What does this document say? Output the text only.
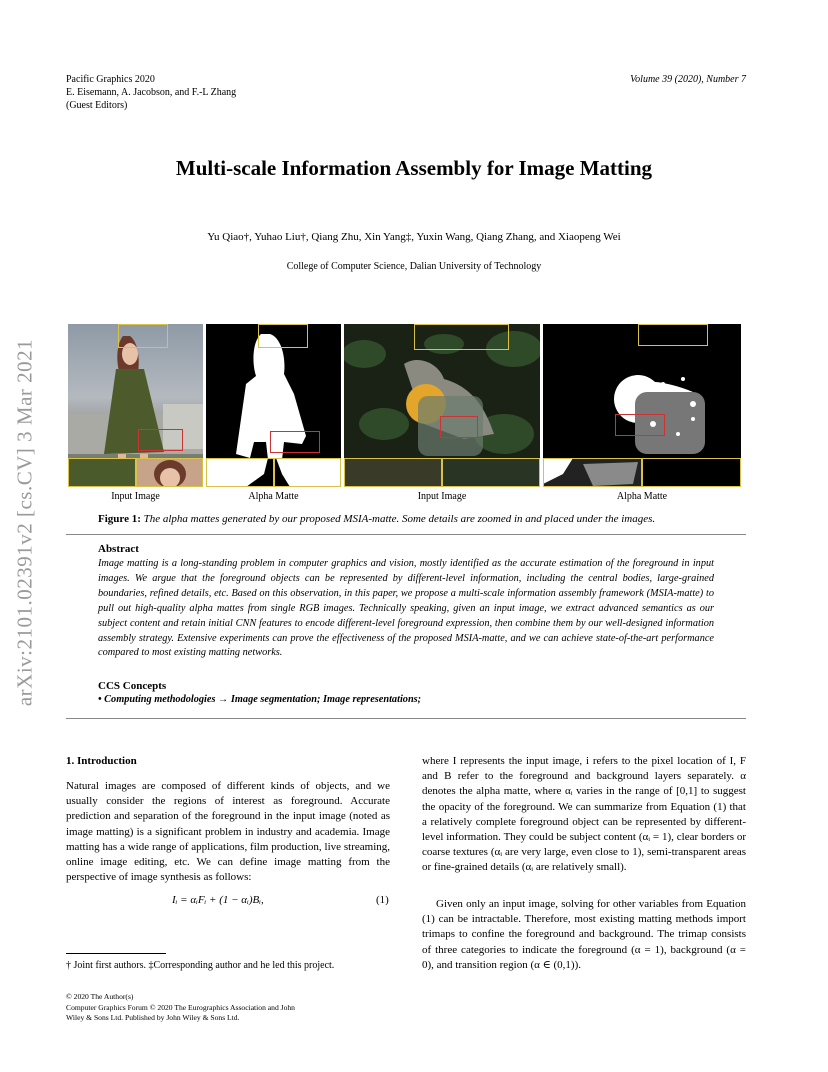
Pacific Graphics 2020
E. Eisemann, A. Jacobson, and F.-L Zhang
(Guest Editors)
Volume 39 (2020), Number 7
arXiv:2101.02391v2 [cs.CV] 3 Mar 2021
Multi-scale Information Assembly for Image Matting
Yu Qiao†, Yuhao Liu†, Qiang Zhu, Xin Yang‡, Yuxin Wang, Qiang Zhang, and Xiaopeng Wei
College of Computer Science, Dalian University of Technology
Input Image	Alpha Matte	Input Image	Alpha Matte
Figure 1: The alpha mattes generated by our proposed MSIA-matte. Some details are zoomed in and placed under the images.
Abstract
Image matting is a long-standing problem in computer graphics and vision, mostly identified as the accurate estimation of the foreground in input images. We argue that the foreground objects can be represented by different-level information, including the central bodies, large-grained boundaries, refined details, etc. Based on this observation, in this paper, we propose a multi-scale information assembly framework (MSIA-matte) to pull out high-quality alpha mattes from single RGB images. Technically speaking, given an input image, we extract advanced semantics as our subject content and retain initial CNN features to encode different-level foreground expression, then combine them by our well-designed information assembly strategy. Extensive experiments can prove the effectiveness of the proposed MSIA-matte, and we can achieve state-of-the-art performance compared to most existing matting networks.
CCS Concepts
• Computing methodologies → Image segmentation; Image representations;
1. Introduction
Natural images are composed of different kinds of objects, and we usually consider the regions of interest as foreground. Accurate prediction and separation of the foreground in the input image (noted as image matting) is a significant problem in industry and academia. Image matting has a wide range of applications, film production, live streaming, online image editing, etc. We can define image matting from the perspective of image synthesis as follows:
Iᵢ = αᵢFᵢ + (1 − αᵢ)Bᵢ,	(1)
where I represents the input image, i refers to the pixel location of I, F and B refer to the foreground and background layers separately. α denotes the alpha matte, where αᵢ varies in the range of [0,1] to suggest the opacity of the foreground. We can summarize from Equation (1) that a relatively complete foreground object can be represented by different-level information. They could be subject content (αᵢ = 1), clear borders or coarse textures (αᵢ are very large, even close to 1), semi-transparent areas or fine-grained details (αᵢ are relatively small).
Given only an input image, solving for other variables from Equation (1) can be intractable. Therefore, most existing matting methods import trimaps to confine the foreground and background. The trimap consists of three categories to indicate the foreground (α = 1), background (α = 0), and transition region (α ∈ (0,1)).
† Joint first authors. ‡Corresponding author and he led this project.
© 2020 The Author(s)
Computer Graphics Forum © 2020 The Eurographics Association and John
Wiley & Sons Ltd. Published by John Wiley & Sons Ltd.
